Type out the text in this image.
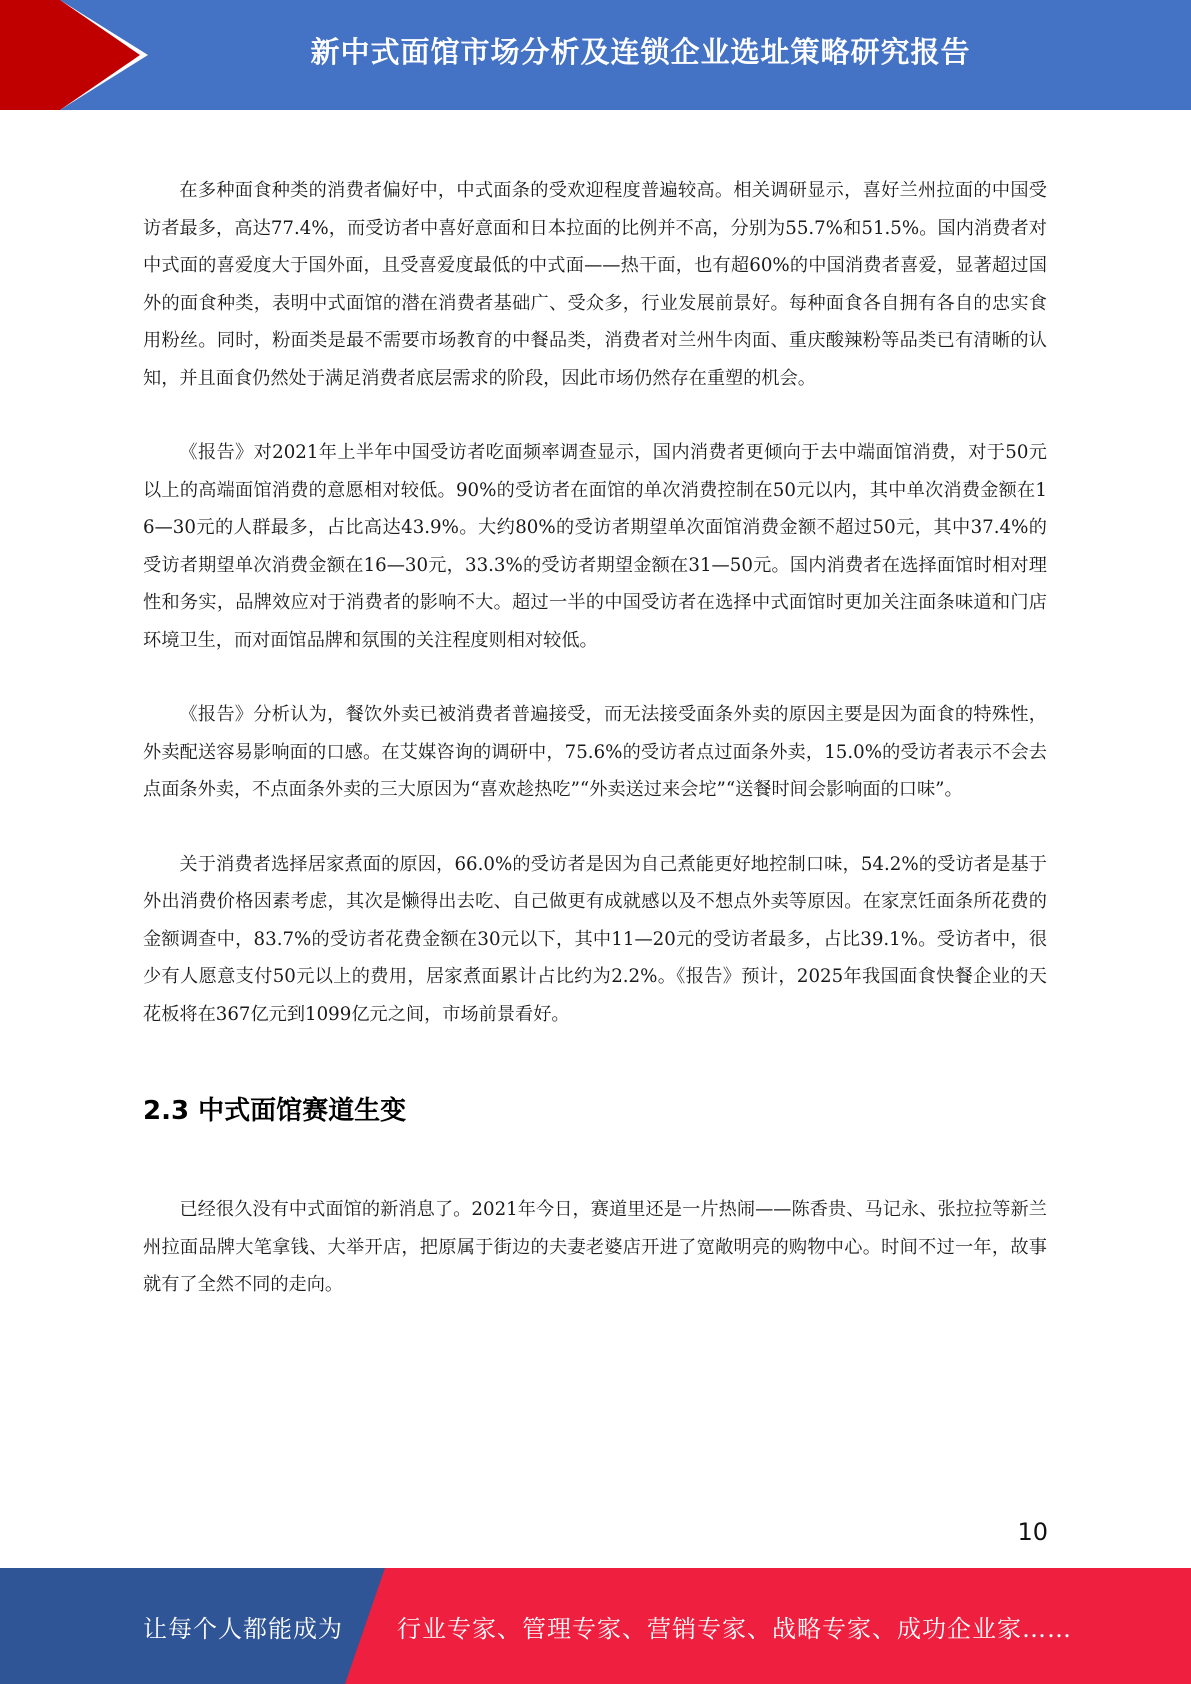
新中式面馆市场分析及连锁企业选址策略研究报告

在多种面食种类的消费者偏好中，中式面条的受欢迎程度普遍较高。相关调研显示，喜好兰州拉面的中国受访者最多，高达77.4%，而受访者中喜好意面和日本拉面的比例并不高，分别为55.7%和51.5%。国内消费者对中式面的喜爱度大于国外面，且受喜爱度最低的中式面——热干面，也有超60%的中国消费者喜爱，显著超过国外的面食种类，表明中式面馆的潜在消费者基础广、受众多，行业发展前景好。每种面食各自拥有各自的忠实食用粉丝。同时，粉面类是最不需要市场教育的中餐品类，消费者对兰州牛肉面、重庆酸辣粉等品类已有清晰的认知，并且面食仍然处于满足消费者底层需求的阶段，因此市场仍然存在重塑的机会。

《报告》对2021年上半年中国受访者吃面频率调查显示，国内消费者更倾向于去中端面馆消费，对于50元以上的高端面馆消费的意愿相对较低。90%的受访者在面馆的单次消费控制在50元以内，其中单次消费金额在16—30元的人群最多，占比高达43.9%。大约80%的受访者期望单次面馆消费金额不超过50元，其中37.4%的受访者期望单次消费金额在16—30元，33.3%的受访者期望金额在31—50元。国内消费者在选择面馆时相对理性和务实，品牌效应对于消费者的影响不大。超过一半的中国受访者在选择中式面馆时更加关注面条味道和门店环境卫生，而对面馆品牌和氛围的关注程度则相对较低。

《报告》分析认为，餐饮外卖已被消费者普遍接受，而无法接受面条外卖的原因主要是因为面食的特殊性，外卖配送容易影响面的口感。在艾媒咨询的调研中，75.6%的受访者点过面条外卖，15.0%的受访者表示不会去点面条外卖，不点面条外卖的三大原因为“喜欢趁热吃”“外卖送过来会坨”“送餐时间会影响面的口味”。

关于消费者选择居家煮面的原因，66.0%的受访者是因为自己煮能更好地控制口味，54.2%的受访者是基于外出消费价格因素考虑，其次是懒得出去吃、自己做更有成就感以及不想点外卖等原因。在家烹饪面条所花费的金额调查中，83.7%的受访者花费金额在30元以下，其中11—20元的受访者最多，占比39.1%。受访者中，很少有人愿意支付50元以上的费用，居家煮面累计占比约为2.2%。《报告》预计，2025年我国面食快餐企业的天花板将在367亿元到1099亿元之间，市场前景看好。

2.3 中式面馆赛道生变

已经很久没有中式面馆的新消息了。2021年今日，赛道里还是一片热闹——陈香贵、马记永、张拉拉等新兰州拉面品牌大笔拿钱、大举开店，把原属于街边的夫妻老婆店开进了宽敞明亮的购物中心。时间不过一年，故事就有了全然不同的走向。

10
让每个人都能成为 行业专家、管理专家、营销专家、战略专家、成功企业家……
